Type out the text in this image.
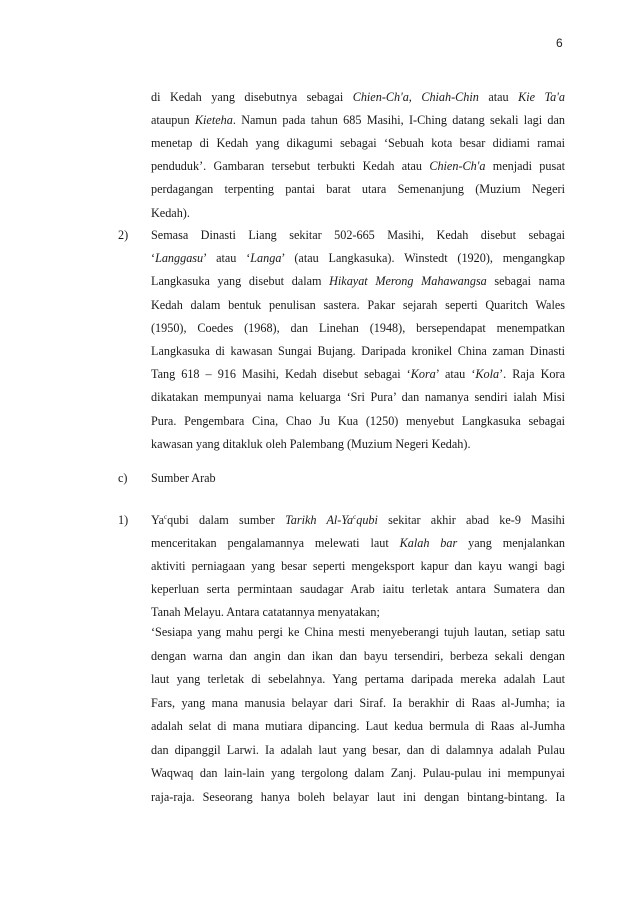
6
di Kedah yang disebutnya sebagai Chien-Ch'a, Chiah-Chin atau Kie Ta'a
ataupun Kieteha. Namun pada tahun 685 Masihi, I-Ching datang sekali lagi dan
menetap di Kedah yang dikagumi sebagai ‘Sebuah kota besar didiami ramai
penduduk’. Gambaran tersebut terbukti Kedah atau Chien-Ch'a menjadi pusat
perdagangan terpenting pantai barat utara Semenanjung (Muzium Negeri
Kedah).
2) Semasa Dinasti Liang sekitar 502-665 Masihi, Kedah disebut sebagai
‘Langgasu’ atau ‘Langa’ (atau Langkasuka). Winstedt (1920), mengangkap
Langkasuka yang disebut dalam Hikayat Merong Mahawangsa sebagai nama
Kedah dalam bentuk penulisan sastera. Pakar sejarah seperti Quaritch Wales
(1950), Coedes (1968), dan Linehan (1948), bersependapat menempatkan
Langkasuka di kawasan Sungai Bujang. Daripada kronikel China zaman Dinasti
Tang 618 – 916 Masihi, Kedah disebut sebagai ‘Kora’ atau ‘Kola’. Raja Kora
dikatakan mempunyai nama keluarga ‘Sri Pura’ dan namanya sendiri ialah Misi
Pura. Pengembara Cina, Chao Ju Kua (1250) menyebut Langkasuka sebagai
kawasan yang ditakluk oleh Palembang (Muzium Negeri Kedah).
c) Sumber Arab
1) Ya$^c$qubi dalam sumber Tarikh Al-Ya$^c$qubi sekitar akhir abad ke-9 Masihi
menceritakan pengalamannya melewati laut Kalah bar yang menjalankan
aktiviti perniagaan yang besar seperti mengeksport kapur dan kayu wangi bagi
keperluan serta permintaan saudagar Arab iaitu terletak antara Sumatera dan
Tanah Melayu. Antara catatannya menyatakan;
‘Sesiapa yang mahu pergi ke China mesti menyeberangi tujuh lautan, setiap satu
dengan warna dan angin dan ikan dan bayu tersendiri, berbeza sekali dengan
laut yang terletak di sebelahnya. Yang pertama daripada mereka adalah Laut
Fars, yang mana manusia belayar dari Siraf. Ia berakhir di Raas al-Jumha; ia
adalah selat di mana mutiara dipancing. Laut kedua bermula di Raas al-Jumha
dan dipanggil Larwi. Ia adalah laut yang besar, dan di dalamnya adalah Pulau
Waqwaq dan lain-lain yang tergolong dalam Zanj. Pulau-pulau ini mempunyai
raja-raja. Seseorang hanya boleh belayar laut ini dengan bintang-bintang. Ia
